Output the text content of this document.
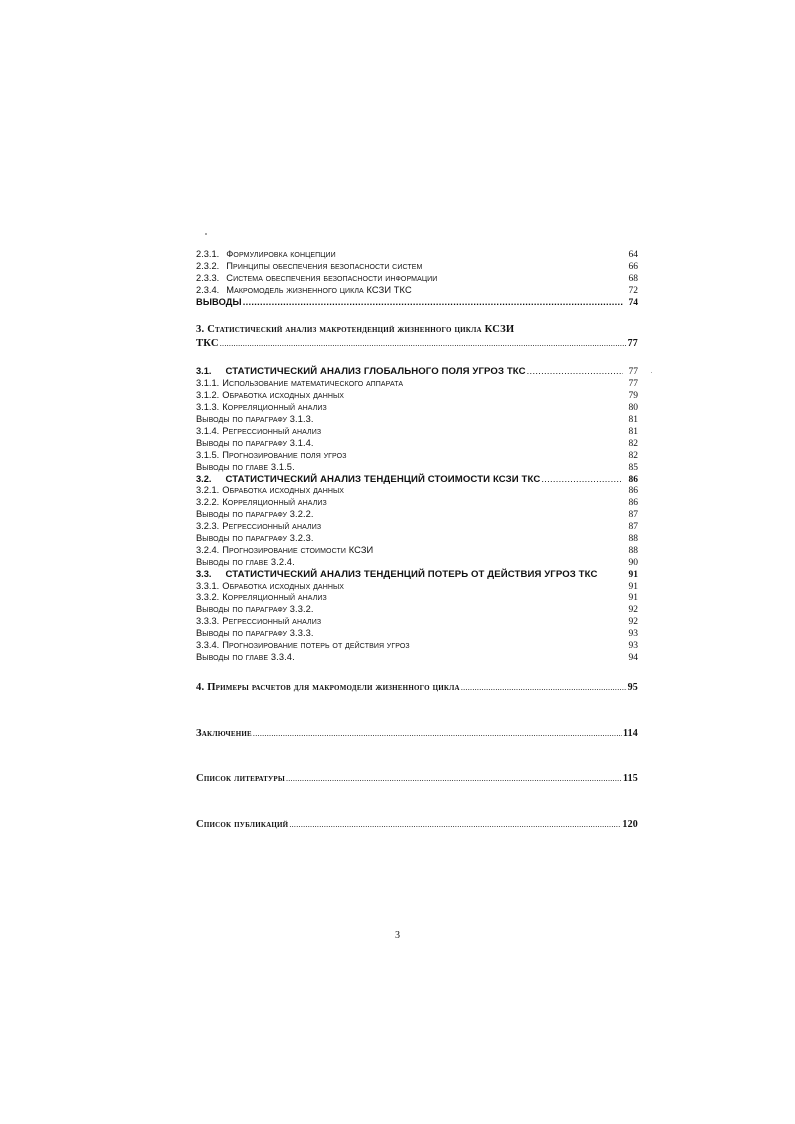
2.3.1. Формулировка концепции	64
2.3.2. Принципы обеспечения безопасности систем	66
2.3.3. Система обеспечения безопасности информации	68
2.3.4. Макромодель жизненного цикла КСЗИ ТКС	72
ВЫВОДЫ .....	74
3. Статистический анализ макротенденций жизненного цикла КСЗИ
ТКС .....	77
3.1. СТАТИСТИЧЕСКИЙ АНАЛИЗ ГЛОБАЛЬНОГО ПОЛЯ УГРОЗ ТКС .....	77
3.1.1. Использование математического аппарата	77
3.1.2. Обработка исходных данных	79
3.1.3. Корреляционный анализ	80
Выводы по параграфу 3.1.3.	81
3.1.4. Регрессионный анализ	81
Выводы по параграфу 3.1.4.	82
3.1.5. Прогнозирование поля угроз	82
Выводы по главе 3.1.5.	85
3.2. СТАТИСТИЧЕСКИЙ АНАЛИЗ ТЕНДЕНЦИЙ СТОИМОСТИ КСЗИ ТКС .....	86
3.2.1. Обработка исходных данных	86
3.2.2. Корреляционный анализ	86
Выводы по параграфу 3.2.2.	87
3.2.3. Регрессионный анализ	87
Выводы по параграфу 3.2.3.	88
3.2.4. Прогнозирование стоимости КСЗИ	88
Выводы по главе 3.2.4.	90
3.3. СТАТИСТИЧЕСКИЙ АНАЛИЗ ТЕНДЕНЦИЙ ПОТЕРЬ ОТ ДЕЙСТВИЯ УГРОЗ ТКС	91
3.3.1. Обработка исходных данных	91
3.3.2. Корреляционный анализ	91
Выводы по параграфу 3.3.2.	92
3.3.3. Регрессионный анализ	92
Выводы по параграфу 3.3.3.	93
3.3.4. Прогнозирование потерь от действия угроз	93
Выводы по главе 3.3.4.	94
4. Примеры расчетов для макромодели жизненного цикла .....	95
Заключение .....	114
Список литературы .....	115
Список публикаций .....	120
3
